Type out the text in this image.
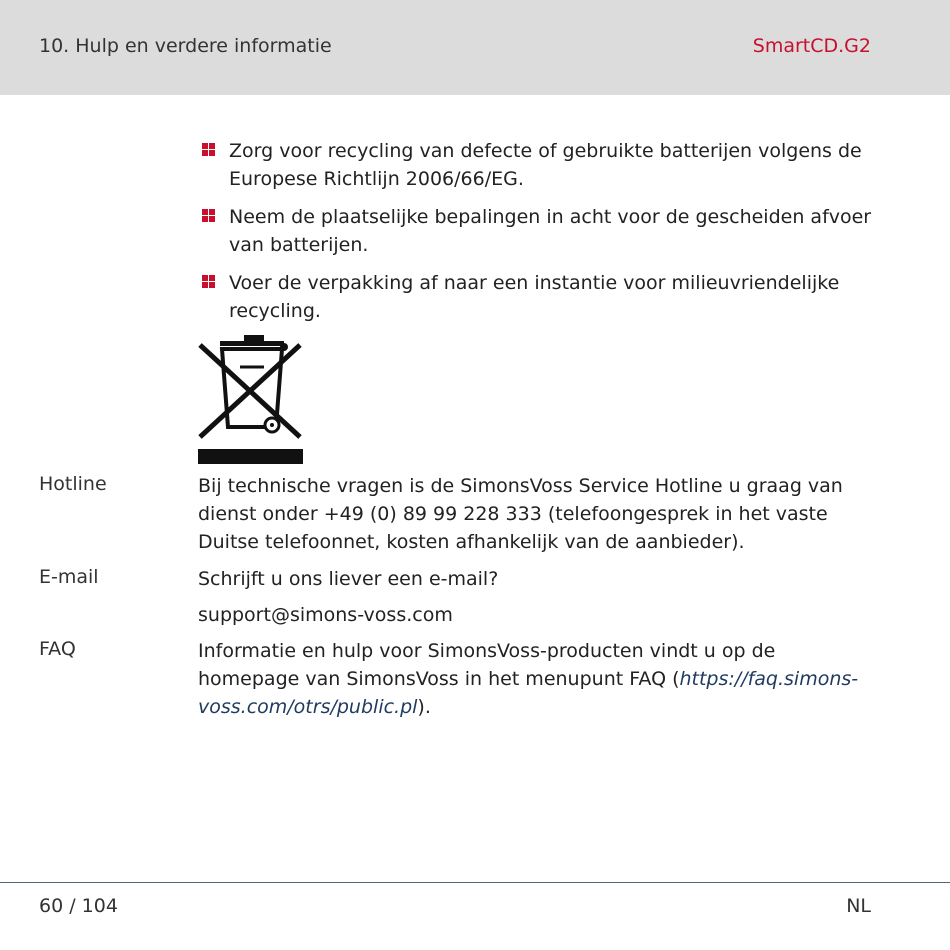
10. Hulp en verdere informatie	SmartCD.G2
Zorg voor recycling van defecte of gebruikte batterijen volgens de Europese Richtlijn 2006/66/EG.
Neem de plaatselijke bepalingen in acht voor de gescheiden afvoer van batterijen.
Voer de verpakking af naar een instantie voor milieuvriendelijke recycling.
Hotline	Bij technische vragen is de SimonsVoss Service Hotline u graag van dienst onder +49 (0) 89 99 228 333 (telefoongesprek in het vaste Duitse telefoonnet, kosten afhankelijk van de aanbieder).
E-mail	Schrijft u ons liever een e-mail?
support@simons-voss.com
FAQ	Informatie en hulp voor SimonsVoss-producten vindt u op de homepage van SimonsVoss in het menupunt FAQ (https://faq.simons-voss.com/otrs/public.pl).
60 / 104	NL
